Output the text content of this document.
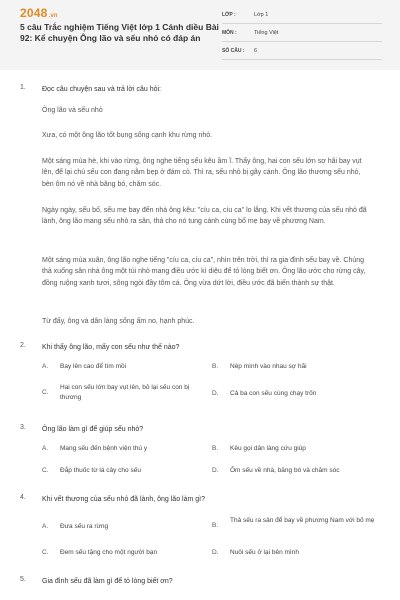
2048.vn
5 câu Trắc nghiệm Tiếng Việt lớp 1 Cánh diều Bài 92: Kể chuyện Ông lão và sếu nhỏ có đáp án
LỚP :	Lớp 1
MÔN :	Tiếng Việt
SỐ CÂU :	6
1. Đọc câu chuyện sau và trả lời câu hỏi:

Ông lão và sếu nhỏ

Xưa, có một ông lão tốt bụng sống cạnh khu rừng nhỏ.

Một sáng mùa hè, khi vào rừng, ông nghe tiếng sếu kêu ầm ĩ. Thấy ông, hai con sếu lớn sợ hãi bay vụt lên, để lại chú sếu con đang nằm bẹp ở đám cỏ. Thì ra, sếu nhỏ bị gãy cánh. Ông lão thương sếu nhỏ, bèn ôm nó về nhà băng bó, chăm sóc.

Ngày ngày, sếu bố, sếu mẹ bay đến nhà ông kêu: "cíu ca, cíu ca" lo lắng. Khi vết thương của sếu nhỏ đã lành, ông lão mang sếu nhỏ ra sân, thả cho nó tung cánh cùng bố mẹ bay về phương Nam.

Một sáng mùa xuân, ông lão nghe tiếng "cíu ca, cíu ca", nhìn trên trời, thì ra gia đình sếu bay về. Chúng thả xuống sân nhà ông một túi nhỏ mang điều ước kì diệu để tỏ lòng biết ơn. Ông lão ước cho rừng cây, đồng ruộng xanh tươi, sông ngòi đầy tôm cá. Ông vừa dứt lời, điều ước đã biến thành sự thật.

Từ đấy, ông và dân làng sống ấm no, hạnh phúc.

2. Khi thấy ông lão, mấy con sếu như thế nào?
A.	Bay lên cao để tìm mồi	B.	Nép mình vào nhau sợ hãi
C.
Hai con sếu lớn bay vụt lên, bỏ lại sếu con bị thương	D.	Cả ba con sếu cùng chạy trốn
3. Ông lão làm gì để giúp sếu nhỏ?
A.	Mang sếu đến bệnh viện thú y	B.	Kêu gọi dân làng cứu giúp
C.	Đắp thuốc từ lá cây cho sếu	D.	Ôm sếu về nhà, băng bó và chăm sóc
4. Khi vết thương của sếu nhỏ đã lành, ông lão làm gì?
A.	Đưa sếu ra rừng	B.
Thả sếu ra sân để bay về phương Nam với bố mẹ
C.	Đem sếu tặng cho một người bạn	D.	Nuôi sếu ở lại bên mình
5. Gia đình sếu đã làm gì để tỏ lòng biết ơn?
